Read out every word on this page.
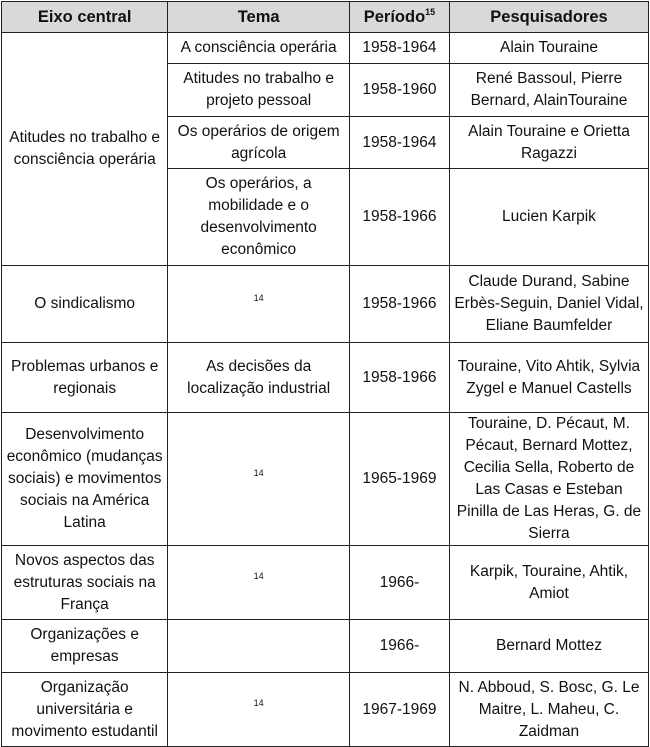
Eixo central	Tema	Período$^{15}$	Pesquisadores
Atitudes no trabalho e consciência operária	A consciência operária	1958-1964	Alain Touraine
	Atitudes no trabalho e projeto pessoal	1958-1960	René Bassoul, Pierre Bernard, AlainTouraine
	Os operários de origem agrícola	1958-1964	Alain Touraine e Orietta Ragazzi
	Os operários, a mobilidade e o desenvolvimento econômico	1958-1966	Lucien Karpik
O sindicalismo	$^{14}$	1958-1966	Claude Durand, Sabine Erbès-Seguin, Daniel Vidal, Eliane Baumfelder
Problemas urbanos e regionais	As decisões da localização industrial	1958-1966	Touraine, Vito Ahtik, Sylvia Zygel e Manuel Castells
Desenvolvimento econômico (mudanças sociais) e movimentos sociais na América Latina	$^{14}$	1965-1969	Touraine, D. Pécaut, M. Pécaut, Bernard Mottez, Cecilia Sella, Roberto de Las Casas e Esteban Pinilla de Las Heras, G. de Sierra
Novos aspectos das estruturas sociais na França	$^{14}$	1966-	Karpik, Touraine, Ahtik, Amiot
Organizações e empresas		1966-	Bernard Mottez
Organização universitária e movimento estudantil	$^{14}$	1967-1969	N. Abboud, S. Bosc, G. Le Maitre, L. Maheu, C. Zaidman
